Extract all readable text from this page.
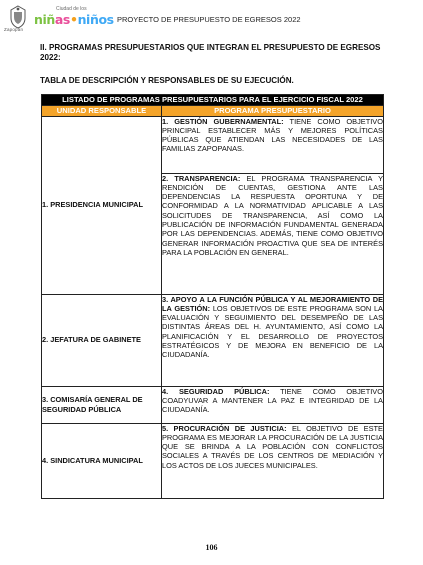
Zapopan
Ciudad de los
niñas•niños PROYECTO DE PRESUPUESTO DE EGRESOS 2022
II. PROGRAMAS PRESUPUESTARIOS QUE INTEGRAN EL PRESUPUESTO DE EGRESOS 2022:
TABLA DE DESCRIPCIÓN Y RESPONSABLES DE SU EJECUCIÓN.
LISTADO DE PROGRAMAS PRESUPUESTARIOS PARA EL EJERCICIO FISCAL 2022	
UNIDAD RESPONSABLE	PROGRAMA PRESUPUESTARIO
1. PRESIDENCIA MUNICIPAL	1. GESTIÓN GUBERNAMENTAL: TIENE COMO OBJETIVO PRINCIPAL ESTABLECER MÁS Y MEJORES POLÍTICAS PÚBLICAS QUE ATIENDAN LAS NECESIDADES DE LAS FAMILIAS ZAPOPANAS.
	2. TRANSPARENCIA: EL PROGRAMA TRANSPARENCIA Y RENDICIÓN DE CUENTAS, GESTIONA ANTE LAS DEPENDENCIAS LA RESPUESTA OPORTUNA Y DE CONFORMIDAD A LA NORMATIVIDAD APLICABLE A LAS SOLICITUDES DE TRANSPARENCIA, ASÍ COMO LA PUBLICACIÓN DE INFORMACIÓN FUNDAMENTAL GENERADA POR LAS DEPENDENCIAS. ADEMÁS, TIENE COMO OBJETIVO GENERAR INFORMACIÓN PROACTIVA QUE SEA DE INTERÉS PARA LA POBLACIÓN EN GENERAL.
2. JEFATURA DE GABINETE	3. APOYO A LA FUNCIÓN PÚBLICA Y AL MEJORAMIENTO DE LA GESTIÓN: LOS OBJETIVOS DE ESTE PROGRAMA SON LA EVALUACIÓN Y SEGUIMIENTO DEL DESEMPEÑO DE LAS DISTINTAS ÁREAS DEL H. AYUNTAMIENTO, ASÍ COMO LA PLANIFICACIÓN Y EL DESARROLLO DE PROYECTOS ESTRATÉGICOS Y DE MEJORA EN BENEFICIO DE LA CIUDADANÍA.
3. COMISARÍA GENERAL DE SEGURIDAD PÚBLICA	4. SEGURIDAD PÚBLICA: TIENE COMO OBJETIVO COADYUVAR A MANTENER LA PAZ E INTEGRIDAD DE LA CIUDADANÍA.
4. SINDICATURA MUNICIPAL	5. PROCURACIÓN DE JUSTICIA: EL OBJETIVO DE ESTE PROGRAMA ES MEJORAR LA PROCURACIÓN DE LA JUSTICIA QUE SE BRINDA A LA POBLACIÓN CON CONFLICTOS SOCIALES A TRAVÉS DE LOS CENTROS DE MEDIACIÓN Y LOS ACTOS DE LOS JUECES MUNICIPALES.
106
